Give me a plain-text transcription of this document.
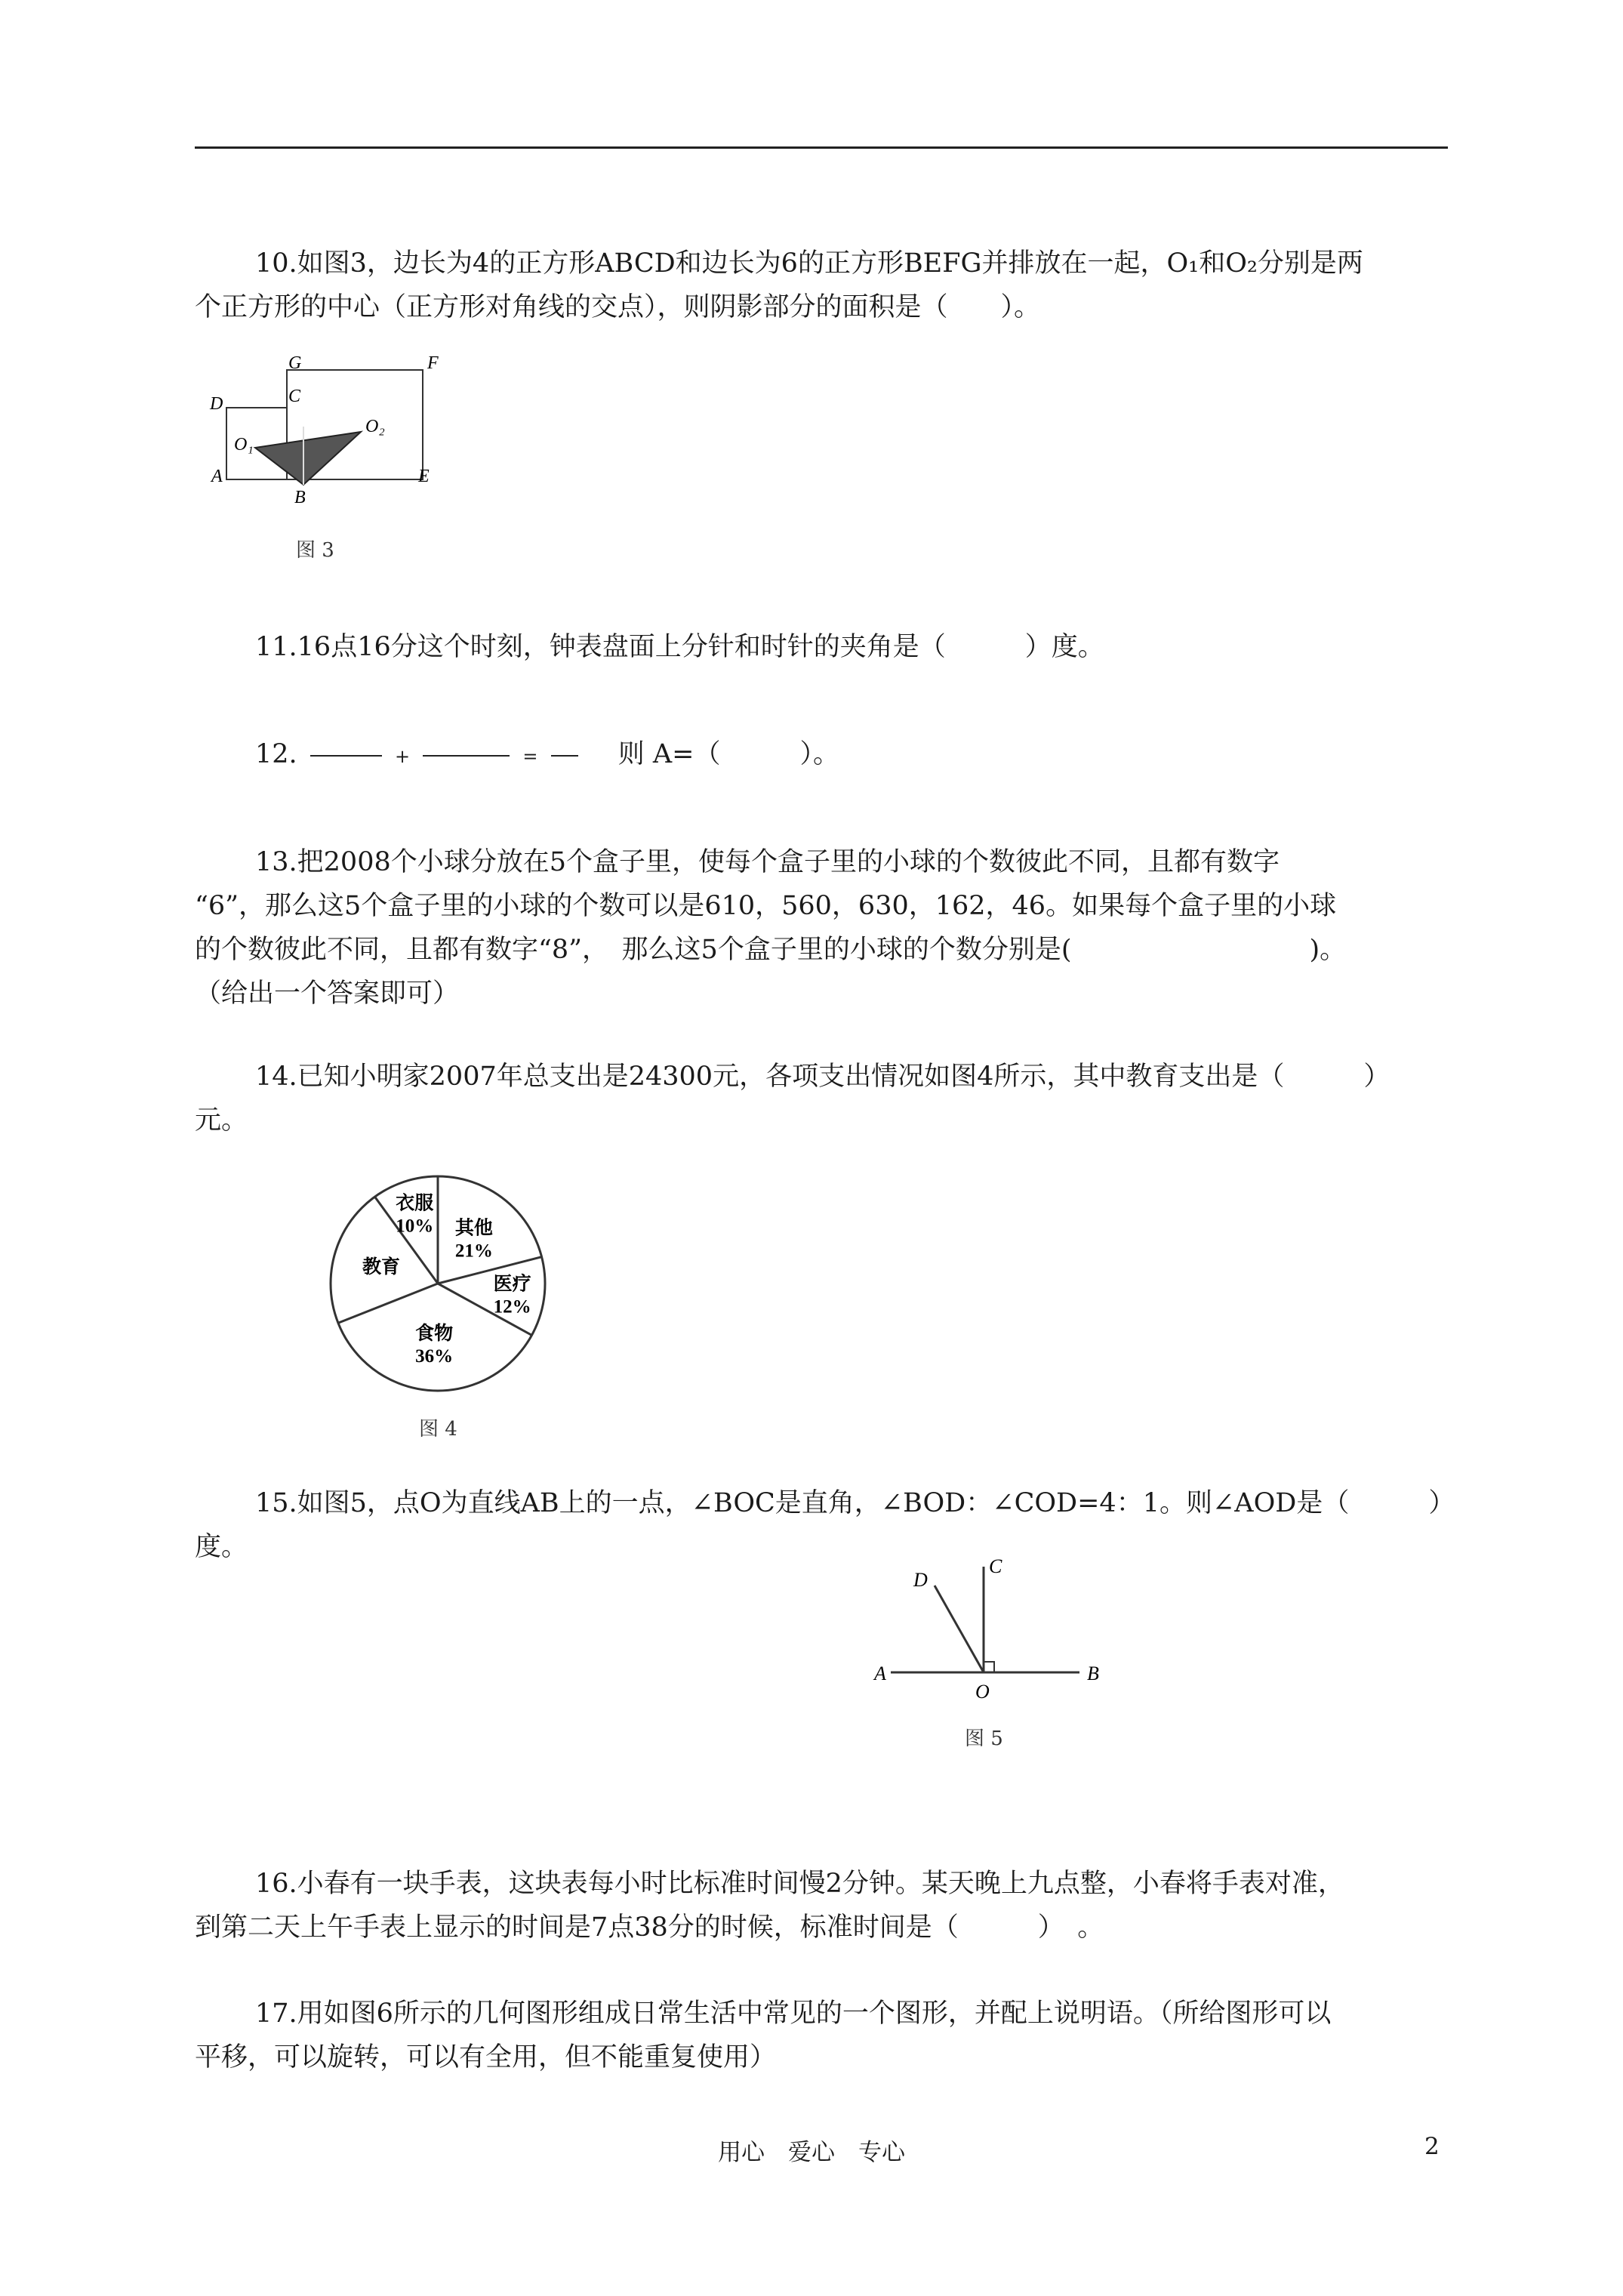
10.如图3，边长为4的正方形ABCD和边长为6的正方形BEFG并排放在一起，O₁和O₂分别是两
个正方形的中心（正方形对角线的交点），则阴影部分的面积是（　　）。
G	F
C
D
O₁
O₂
A
B
E
图 3
11.16点16分这个时刻，钟表盘面上分针和时针的夹角是（　　　）度。
12.	+	=	则 A=（　　　）。
13.把2008个小球分放在5个盒子里，使每个盒子里的小球的个数彼此不同，且都有数字
“6”，那么这5个盒子里的小球的个数可以是610，560，630，162，46。如果每个盒子里的小球
的个数彼此不同，且都有数字“8”，　那么这5个盒子里的小球的个数分别是(　　　　　　　　　)。
（给出一个答案即可）
14.已知小明家2007年总支出是24300元，各项支出情况如图4所示，其中教育支出是（　　　）
元。
其他
21%
医疗
12%
食物
36%
教育
衣服
10%
图 4
15.如图5，点O为直线AB上的一点，∠BOC是直角，∠BOD：∠COD=4：1。则∠AOD是（　　　）
度。
D
C
A
O
B
图 5
16.小春有一块手表，这块表每小时比标准时间慢2分钟。某天晚上九点整，小春将手表对准，
到第二天上午手表上显示的时间是7点38分的时候，标准时间是（　　　）　。
17.用如图6所示的几何图形组成日常生活中常见的一个图形，并配上说明语。（所给图形可以
平移，可以旋转，可以有全用，但不能重复使用）
用心　爱心　专心	2
